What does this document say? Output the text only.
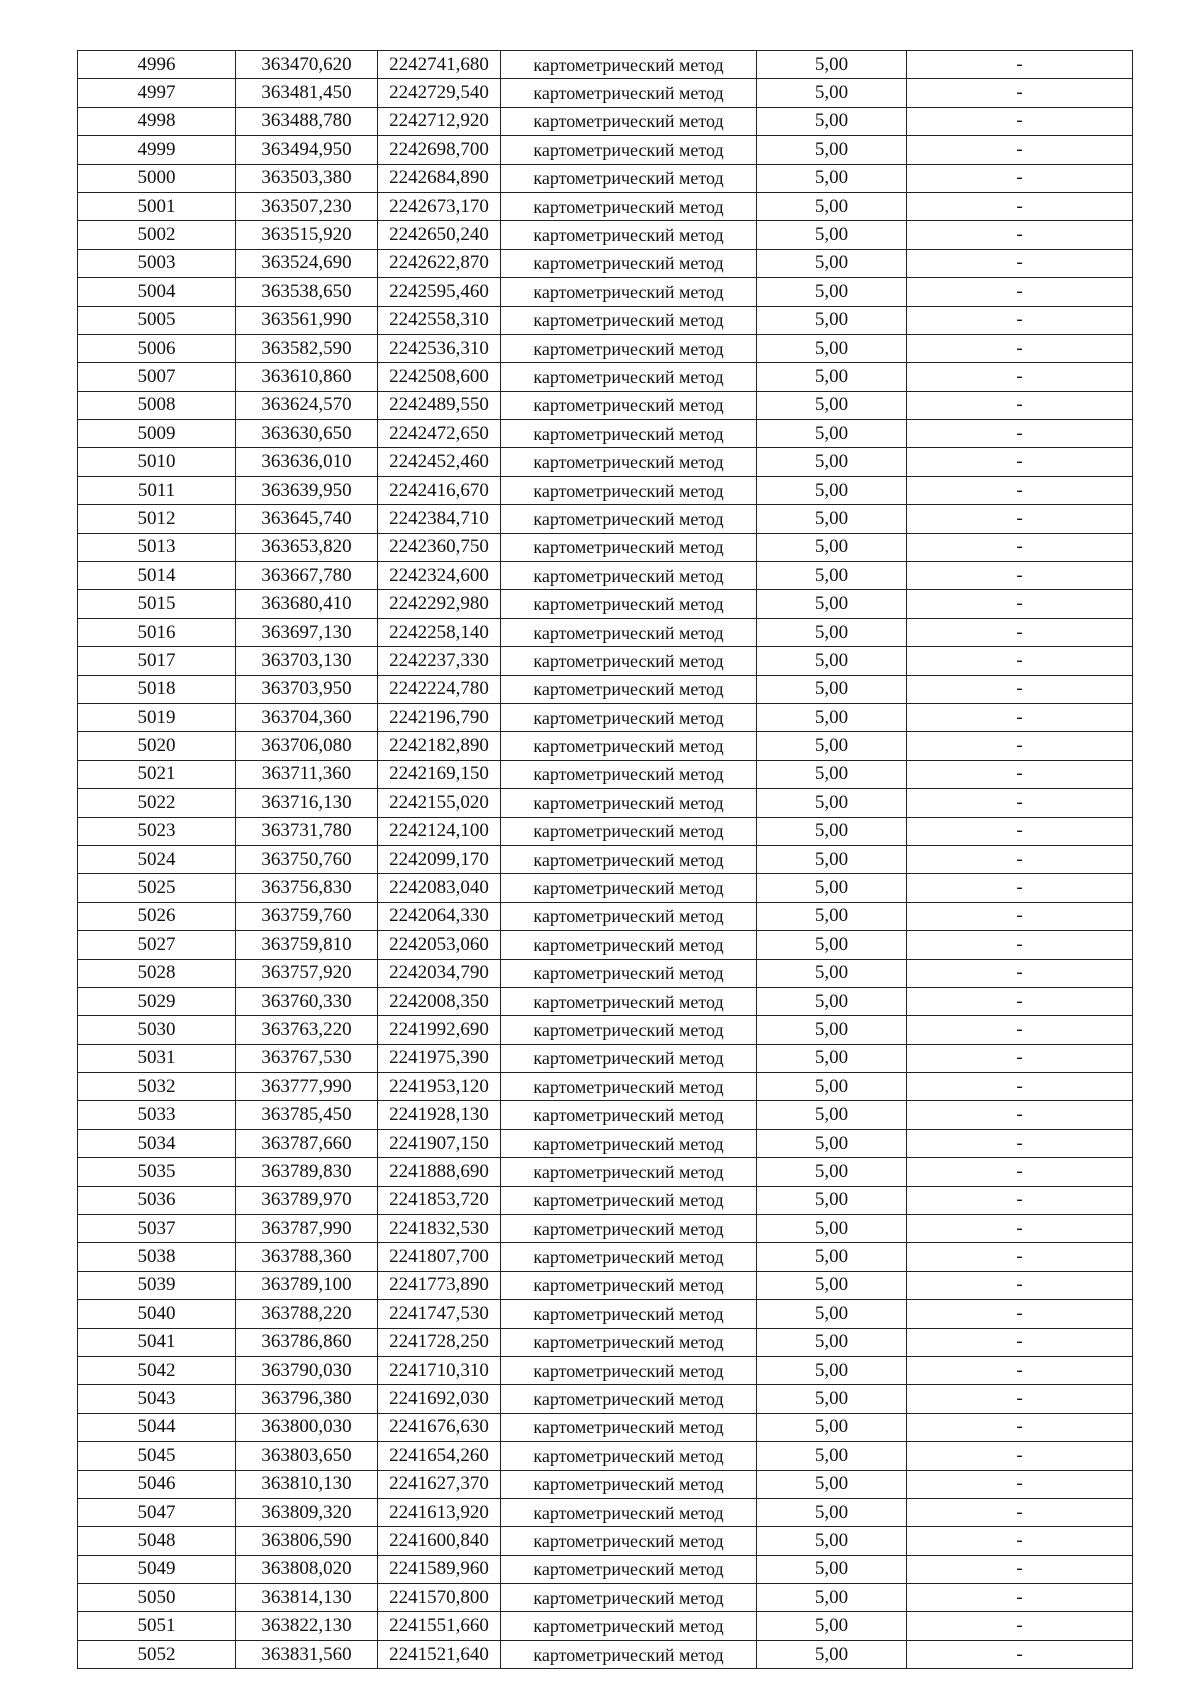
4996	363470,620	2242741,680	картометрический метод	5,00	-
4997	363481,450	2242729,540	картометрический метод	5,00	-
4998	363488,780	2242712,920	картометрический метод	5,00	-
4999	363494,950	2242698,700	картометрический метод	5,00	-
5000	363503,380	2242684,890	картометрический метод	5,00	-
5001	363507,230	2242673,170	картометрический метод	5,00	-
5002	363515,920	2242650,240	картометрический метод	5,00	-
5003	363524,690	2242622,870	картометрический метод	5,00	-
5004	363538,650	2242595,460	картометрический метод	5,00	-
5005	363561,990	2242558,310	картометрический метод	5,00	-
5006	363582,590	2242536,310	картометрический метод	5,00	-
5007	363610,860	2242508,600	картометрический метод	5,00	-
5008	363624,570	2242489,550	картометрический метод	5,00	-
5009	363630,650	2242472,650	картометрический метод	5,00	-
5010	363636,010	2242452,460	картометрический метод	5,00	-
5011	363639,950	2242416,670	картометрический метод	5,00	-
5012	363645,740	2242384,710	картометрический метод	5,00	-
5013	363653,820	2242360,750	картометрический метод	5,00	-
5014	363667,780	2242324,600	картометрический метод	5,00	-
5015	363680,410	2242292,980	картометрический метод	5,00	-
5016	363697,130	2242258,140	картометрический метод	5,00	-
5017	363703,130	2242237,330	картометрический метод	5,00	-
5018	363703,950	2242224,780	картометрический метод	5,00	-
5019	363704,360	2242196,790	картометрический метод	5,00	-
5020	363706,080	2242182,890	картометрический метод	5,00	-
5021	363711,360	2242169,150	картометрический метод	5,00	-
5022	363716,130	2242155,020	картометрический метод	5,00	-
5023	363731,780	2242124,100	картометрический метод	5,00	-
5024	363750,760	2242099,170	картометрический метод	5,00	-
5025	363756,830	2242083,040	картометрический метод	5,00	-
5026	363759,760	2242064,330	картометрический метод	5,00	-
5027	363759,810	2242053,060	картометрический метод	5,00	-
5028	363757,920	2242034,790	картометрический метод	5,00	-
5029	363760,330	2242008,350	картометрический метод	5,00	-
5030	363763,220	2241992,690	картометрический метод	5,00	-
5031	363767,530	2241975,390	картометрический метод	5,00	-
5032	363777,990	2241953,120	картометрический метод	5,00	-
5033	363785,450	2241928,130	картометрический метод	5,00	-
5034	363787,660	2241907,150	картометрический метод	5,00	-
5035	363789,830	2241888,690	картометрический метод	5,00	-
5036	363789,970	2241853,720	картометрический метод	5,00	-
5037	363787,990	2241832,530	картометрический метод	5,00	-
5038	363788,360	2241807,700	картометрический метод	5,00	-
5039	363789,100	2241773,890	картометрический метод	5,00	-
5040	363788,220	2241747,530	картометрический метод	5,00	-
5041	363786,860	2241728,250	картометрический метод	5,00	-
5042	363790,030	2241710,310	картометрический метод	5,00	-
5043	363796,380	2241692,030	картометрический метод	5,00	-
5044	363800,030	2241676,630	картометрический метод	5,00	-
5045	363803,650	2241654,260	картометрический метод	5,00	-
5046	363810,130	2241627,370	картометрический метод	5,00	-
5047	363809,320	2241613,920	картометрический метод	5,00	-
5048	363806,590	2241600,840	картометрический метод	5,00	-
5049	363808,020	2241589,960	картометрический метод	5,00	-
5050	363814,130	2241570,800	картометрический метод	5,00	-
5051	363822,130	2241551,660	картометрический метод	5,00	-
5052	363831,560	2241521,640	картометрический метод	5,00	-
